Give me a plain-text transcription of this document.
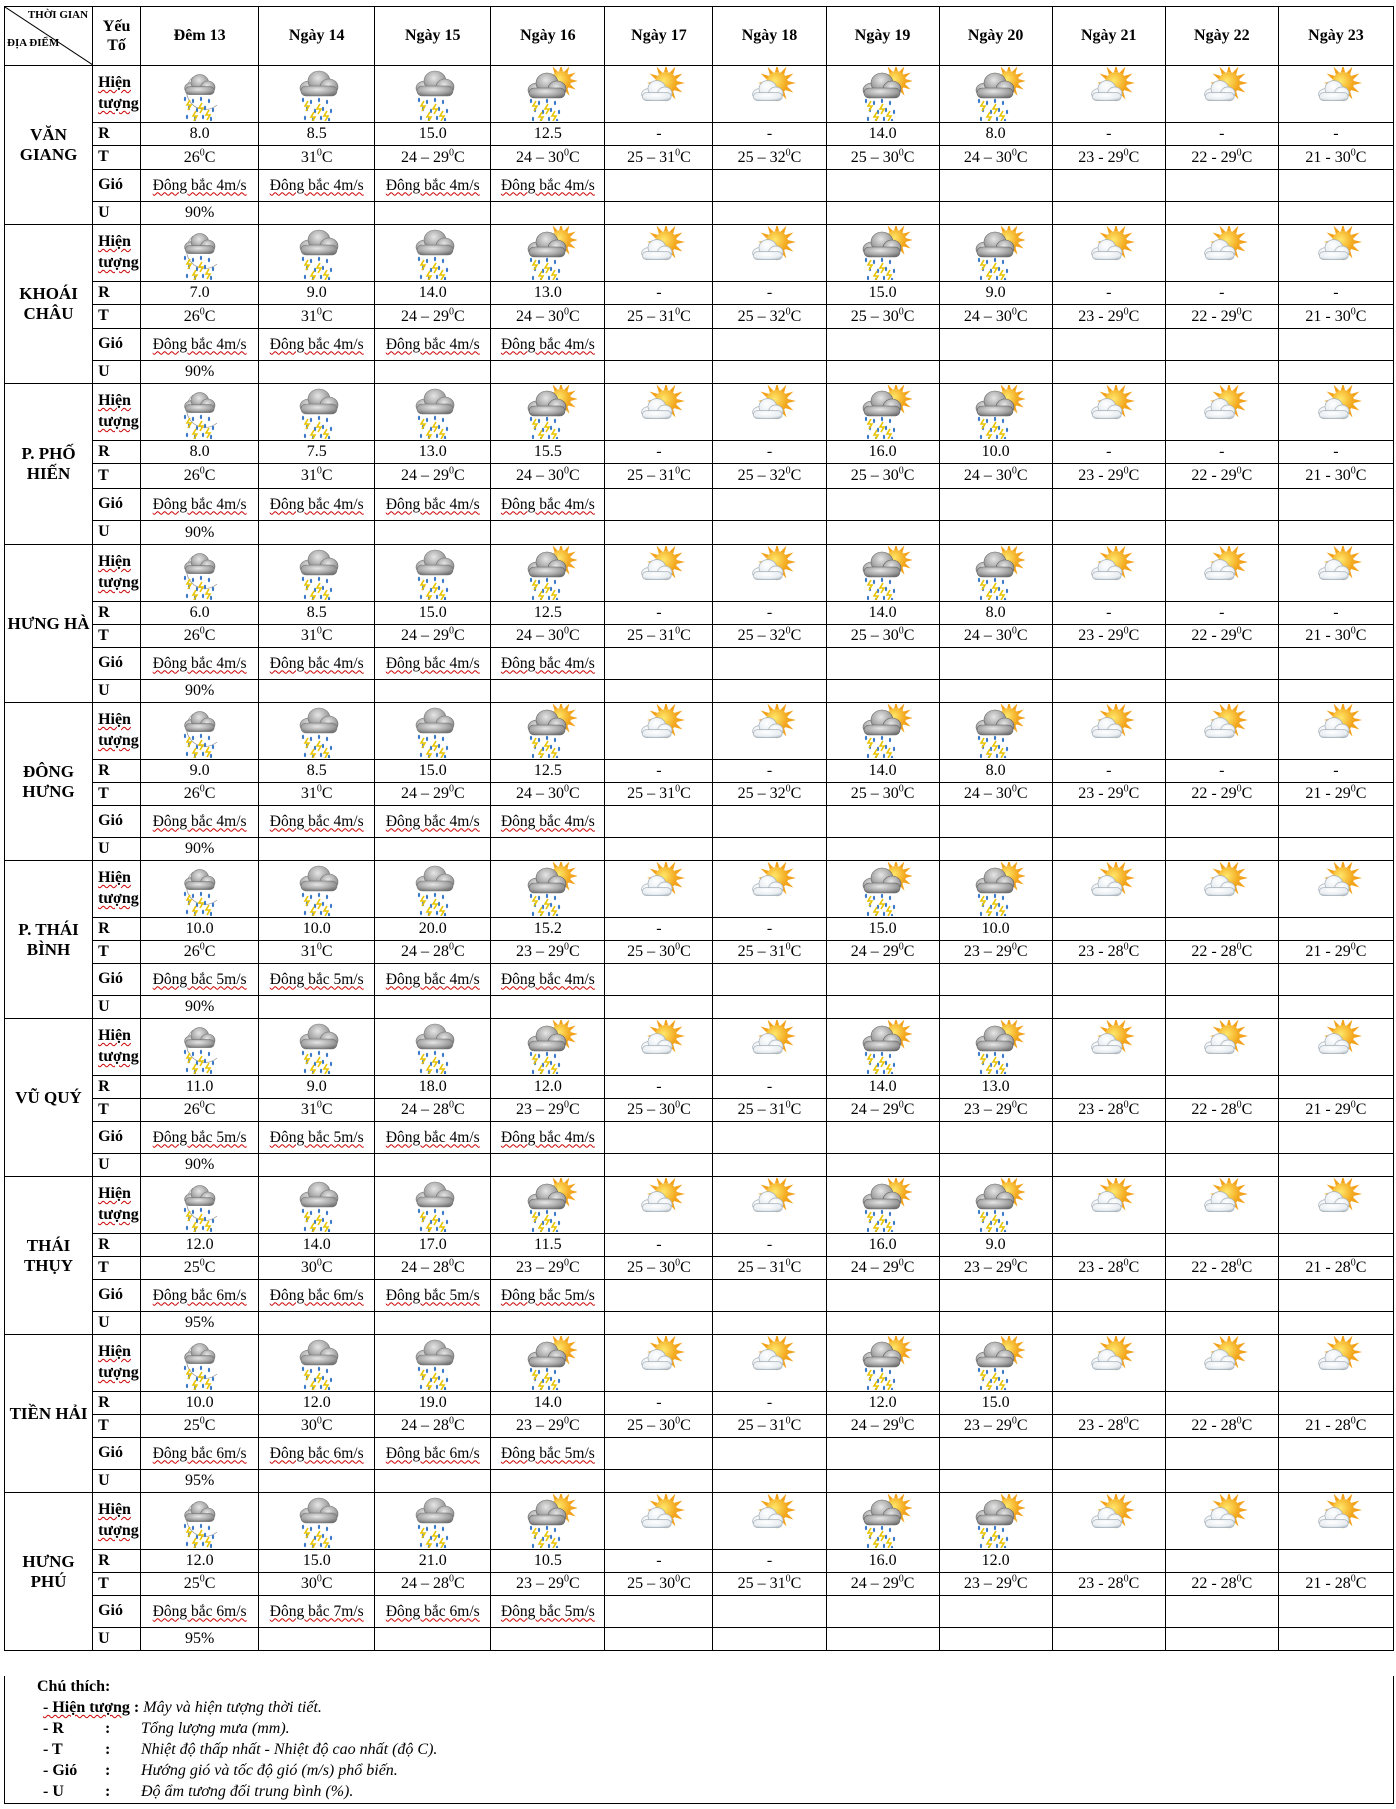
THỜI GIAN
ĐỊA ĐIỂM	Yếu Tố	Đêm 13	Ngày 14	Ngày 15	Ngày 16	Ngày 17	Ngày 18	Ngày 19	Ngày 20	Ngày 21	Ngày 22	Ngày 23
VĂN GIANG	Hiện tượng	

	R	8.0	8.5	15.0	12.5	-	-	14.0	8.0	-	-	-
	T	$26^0C$	$31^0C$	$24 - 29^0C$	$24 - 30^0C$	$25 - 31^0C$	$25 - 32^0C$	$25 - 30^0C$	$24 - 30^0C$	$23 - 29^0C$	$22 - 29^0C$	$21 - 30^0C$
	Gió	Đông bắc 4m/s	Đông bắc 4m/s	Đông bắc 4m/s	Đông bắc 4m/s							
	U	90%										
KHOÁI CHÂU	Hiện tượng	

	R	7.0	9.0	14.0	13.0	-	-	15.0	9.0	-	-	-
	T	$26^0C$	$31^0C$	$24 - 29^0C$	$24 - 30^0C$	$25 - 31^0C$	$25 - 32^0C$	$25 - 30^0C$	$24 - 30^0C$	$23 - 29^0C$	$22 - 29^0C$	$21 - 30^0C$
	Gió	Đông bắc 4m/s	Đông bắc 4m/s	Đông bắc 4m/s	Đông bắc 4m/s							
	U	90%										
P. PHỐ HIẾN	Hiện tượng	

	R	8.0	7.5	13.0	15.5	-	-	16.0	10.0	-	-	-
	T	$26^0C$	$31^0C$	$24 - 29^0C$	$24 - 30^0C$	$25 - 31^0C$	$25 - 32^0C$	$25 - 30^0C$	$24 - 30^0C$	$23 - 29^0C$	$22 - 29^0C$	$21 - 30^0C$
	Gió	Đông bắc 4m/s	Đông bắc 4m/s	Đông bắc 4m/s	Đông bắc 4m/s							
	U	90%										
HƯNG HÀ	Hiện tượng	

	R	6.0	8.5	15.0	12.5	-	-	14.0	8.0	-	-	-
	T	$26^0C$	$31^0C$	$24 - 29^0C$	$24 - 30^0C$	$25 - 31^0C$	$25 - 32^0C$	$25 - 30^0C$	$24 - 30^0C$	$23 - 29^0C$	$22 - 29^0C$	$21 - 30^0C$
	Gió	Đông bắc 4m/s	Đông bắc 4m/s	Đông bắc 4m/s	Đông bắc 4m/s							
	U	90%										
ĐÔNG HƯNG	Hiện tượng	

	R	9.0	8.5	15.0	12.5	-	-	14.0	8.0	-	-	-
	T	$26^0C$	$31^0C$	$24 - 29^0C$	$24 - 30^0C$	$25 - 31^0C$	$25 - 32^0C$	$25 - 30^0C$	$24 - 30^0C$	$23 - 29^0C$	$22 - 29^0C$	$21 - 29^0C$
	Gió	Đông bắc 4m/s	Đông bắc 4m/s	Đông bắc 4m/s	Đông bắc 4m/s							
	U	90%										
P. THÁI BÌNH	Hiện tượng	

	R	10.0	10.0	20.0	15.2	-	-	15.0	10.0			
	T	$26^0C$	$31^0C$	$24 - 28^0C$	$23 - 29^0C$	$25 - 30^0C$	$25 - 31^0C$	$24 - 29^0C$	$23 - 29^0C$	$23 - 28^0C$	$22 - 28^0C$	$21 - 29^0C$
	Gió	Đông bắc 5m/s	Đông bắc 5m/s	Đông bắc 4m/s	Đông bắc 4m/s							
	U	90%										
VŨ QUÝ	Hiện tượng	

	R	11.0	9.0	18.0	12.0	-	-	14.0	13.0			
	T	$26^0C$	$31^0C$	$24 - 28^0C$	$23 - 29^0C$	$25 - 30^0C$	$25 - 31^0C$	$24 - 29^0C$	$23 - 29^0C$	$23 - 28^0C$	$22 - 28^0C$	$21 - 29^0C$
	Gió	Đông bắc 5m/s	Đông bắc 5m/s	Đông bắc 4m/s	Đông bắc 4m/s							
	U	90%										
THÁI THỤY	Hiện tượng	

	R	12.0	14.0	17.0	11.5	-	-	16.0	9.0			
	T	$25^0C$	$30^0C$	$24 - 28^0C$	$23 - 29^0C$	$25 - 30^0C$	$25 - 31^0C$	$24 - 29^0C$	$23 - 29^0C$	$23 - 28^0C$	$22 - 28^0C$	$21 - 28^0C$
	Gió	Đông bắc 6m/s	Đông bắc 6m/s	Đông bắc 5m/s	Đông bắc 5m/s							
	U	95%										
TIỀN HẢI	Hiện tượng	

	R	10.0	12.0	19.0	14.0	-	-	12.0	15.0			
	T	$25^0C$	$30^0C$	$24 - 28^0C$	$23 - 29^0C$	$25 - 30^0C$	$25 - 31^0C$	$24 - 29^0C$	$23 - 29^0C$	$23 - 28^0C$	$22 - 28^0C$	$21 - 28^0C$
	Gió	Đông bắc 6m/s	Đông bắc 6m/s	Đông bắc 6m/s	Đông bắc 5m/s							
	U	95%										
HƯNG PHÚ	Hiện tượng	

	R	12.0	15.0	21.0	10.5	-	-	16.0	12.0			
	T	$25^0C$	$30^0C$	$24 - 28^0C$	$23 - 29^0C$	$25 - 30^0C$	$25 - 31^0C$	$24 - 29^0C$	$23 - 29^0C$	$23 - 28^0C$	$22 - 28^0C$	$21 - 28^0C$
	Gió	Đông bắc 6m/s	Đông bắc 7m/s	Đông bắc 6m/s	Đông bắc 5m/s							
	U	95%										
Chú thích:
- Hiện tượng : Mây và hiện tượng thời tiết.
- R	: Tổng lượng mưa (mm).
- T	: Nhiệt độ thấp nhất - Nhiệt độ cao nhất (độ C).
- Gió : Hướng gió và tốc độ gió (m/s) phổ biến.
- U	: Độ ẩm tương đối trung bình (%).
